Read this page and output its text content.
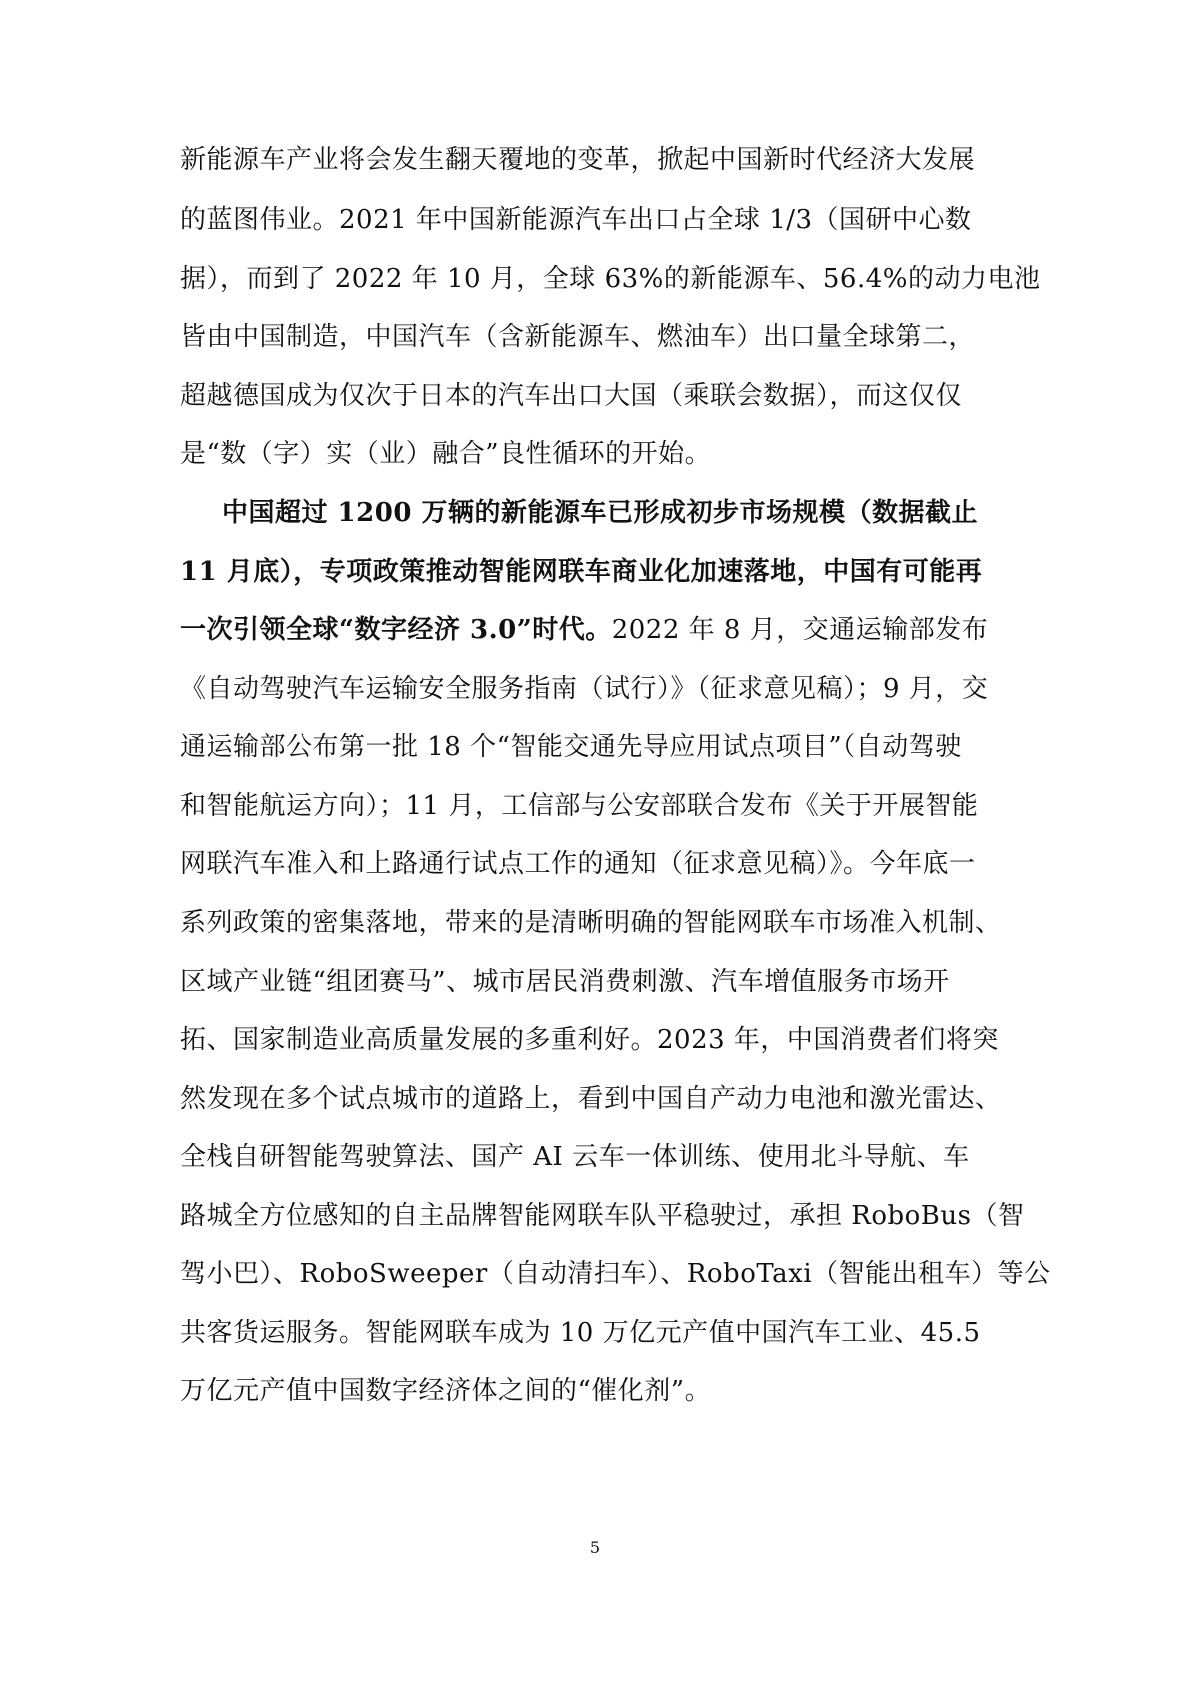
新能源车产业将会发生翻天覆地的变革，掀起中国新时代经济大发展
的蓝图伟业。2021 年中国新能源汽车出口占全球 1/3（国研中心数
据），而到了 2022 年 10 月，全球 63%的新能源车、56.4%的动力电池
皆由中国制造，中国汽车（含新能源车、燃油车）出口量全球第二，
超越德国成为仅次于日本的汽车出口大国（乘联会数据），而这仅仅
是“数（字）实（业）融合”良性循环的开始。
中国超过 1200 万辆的新能源车已形成初步市场规模（数据截止
11 月底），专项政策推动智能网联车商业化加速落地，中国有可能再
一次引领全球“数字经济 3.0”时代。2022 年 8 月，交通运输部发布
《自动驾驶汽车运输安全服务指南（试行）》（征求意见稿）；9 月，交
通运输部公布第一批 18 个“智能交通先导应用试点项目”（自动驾驶
和智能航运方向）；11 月，工信部与公安部联合发布《关于开展智能
网联汽车准入和上路通行试点工作的通知（征求意见稿）》。今年底一
系列政策的密集落地，带来的是清晰明确的智能网联车市场准入机制、
区域产业链“组团赛马”、城市居民消费刺激、汽车增值服务市场开
拓、国家制造业高质量发展的多重利好。2023 年，中国消费者们将突
然发现在多个试点城市的道路上，看到中国自产动力电池和激光雷达、
全栈自研智能驾驶算法、国产 AI 云车一体训练、使用北斗导航、车
路城全方位感知的自主品牌智能网联车队平稳驶过，承担 RoboBus（智
驾小巴）、RoboSweeper（自动清扫车）、RoboTaxi（智能出租车）等公
共客货运服务。智能网联车成为 10 万亿元产值中国汽车工业、45.5
万亿元产值中国数字经济体之间的“催化剂”。
5
